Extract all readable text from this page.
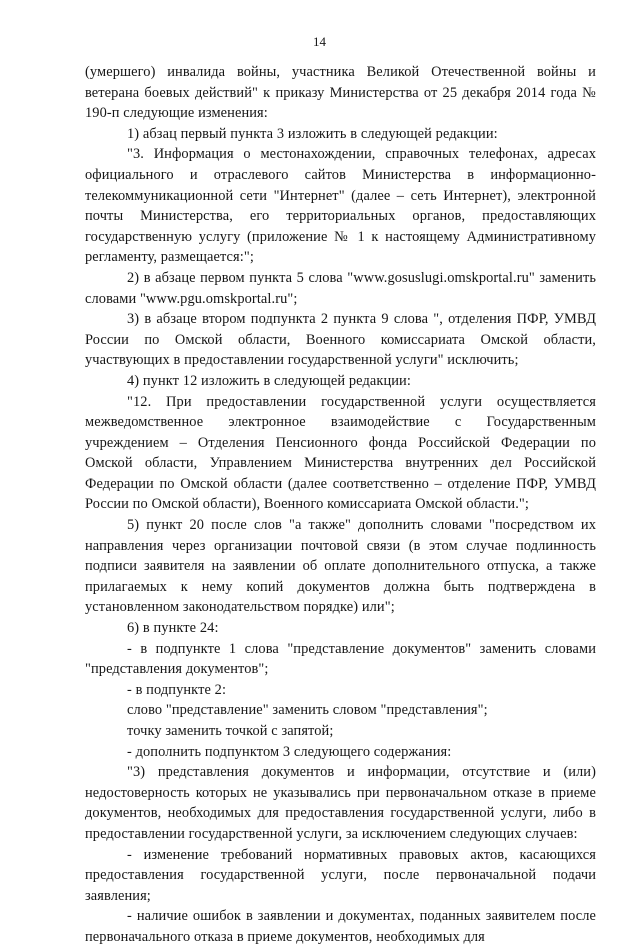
14

(умершего) инвалида войны, участника Великой Отечественной войны и ветерана боевых действий" к приказу Министерства от 25 декабря 2014 года № 190-п следующие изменения:

1) абзац первый пункта 3 изложить в следующей редакции:

"3. Информация о местонахождении, справочных телефонах, адресах официального и отраслевого сайтов Министерства в информационно-телекоммуникационной сети "Интернет" (далее – сеть Интернет), электронной почты Министерства, его территориальных органов, предоставляющих государственную услугу (приложение № 1 к настоящему Административному регламенту, размещается:";

2) в абзаце первом пункта 5 слова "www.gosuslugi.omskportal.ru" заменить словами "www.pgu.omskportal.ru";

3) в абзаце втором подпункта 2 пункта 9 слова ", отделения ПФР, УМВД России по Омской области, Военного комиссариата Омской области, участвующих в предоставлении государственной услуги" исключить;

4) пункт 12 изложить в следующей редакции:

"12. При предоставлении государственной услуги осуществляется межведомственное электронное взаимодействие с Государственным учреждением – Отделения Пенсионного фонда Российской Федерации по Омской области, Управлением Министерства внутренних дел Российской Федерации по Омской области (далее соответственно – отделение ПФР, УМВД России по Омской области), Военного комиссариата Омской области.";

5) пункт 20 после слов "а также" дополнить словами "посредством их направления через организации почтовой связи (в этом случае подлинность подписи заявителя на заявлении об оплате дополнительного отпуска, а также прилагаемых к нему копий документов должна быть подтверждена в установленном законодательством порядке) или";

6) в пункте 24:

- в подпункте 1 слова "представление документов" заменить словами "представления документов";

- в подпункте 2:

слово "представление" заменить словом "представления";

точку заменить точкой с запятой;

- дополнить подпунктом 3 следующего содержания:

"3) представления документов и информации, отсутствие и (или) недостоверность которых не указывались при первоначальном отказе в приеме документов, необходимых для предоставления государственной услуги, либо в предоставлении государственной услуги, за исключением следующих случаев:

- изменение требований нормативных правовых актов, касающихся предоставления государственной услуги, после первоначальной подачи заявления;

- наличие ошибок в заявлении и документах, поданных заявителем после первоначального отказа в приеме документов, необходимых для
